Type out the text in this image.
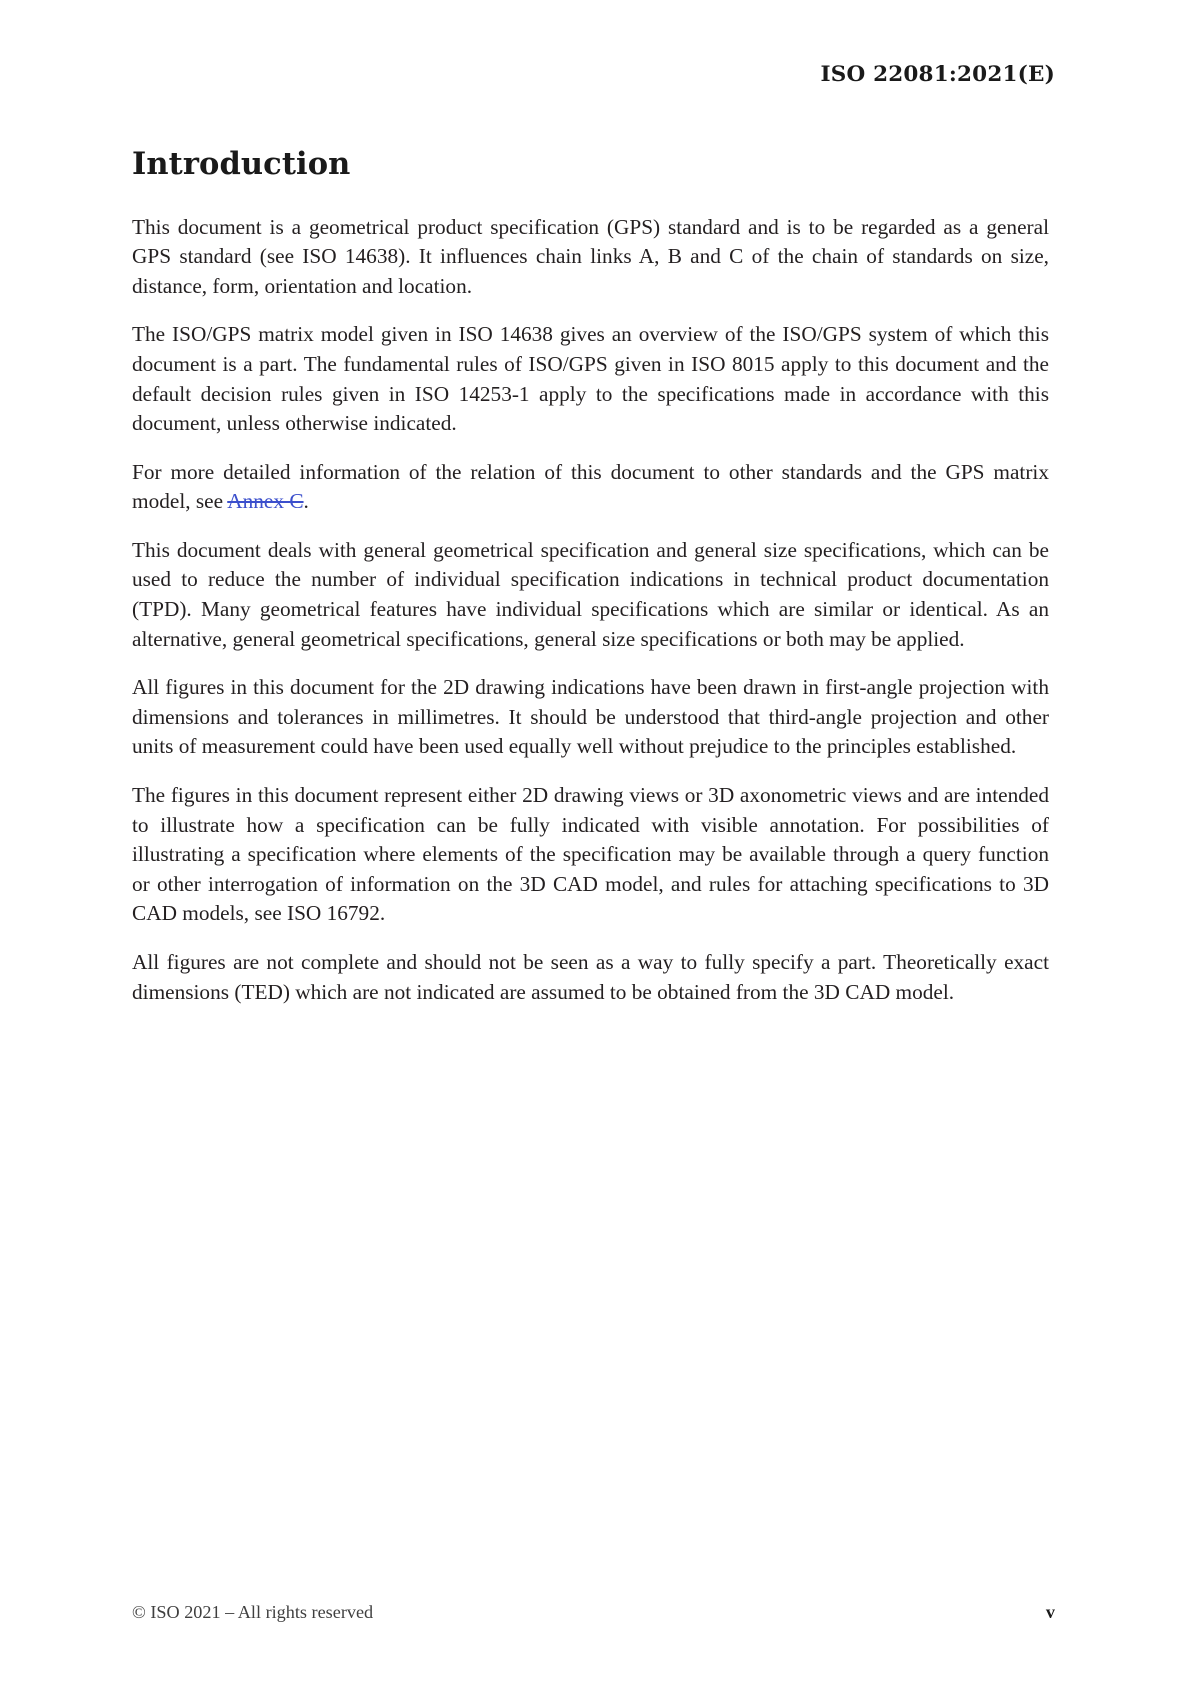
ISO 22081:2021(E)
Introduction

This document is a geometrical product specification (GPS) standard and is to be regarded as a general GPS standard (see ISO 14638). It influences chain links A, B and C of the chain of standards on size, distance, form, orientation and location.

The ISO/GPS matrix model given in ISO 14638 gives an overview of the ISO/GPS system of which this document is a part. The fundamental rules of ISO/GPS given in ISO 8015 apply to this document and the default decision rules given in ISO 14253-1 apply to the specifications made in accordance with this document, unless otherwise indicated.

For more detailed information of the relation of this document to other standards and the GPS matrix model, see Annex C.

This document deals with general geometrical specification and general size specifications, which can be used to reduce the number of individual specification indications in technical product documentation (TPD). Many geometrical features have individual specifications which are similar or identical. As an alternative, general geometrical specifications, general size specifications or both may be applied.

All figures in this document for the 2D drawing indications have been drawn in first-angle projection with dimensions and tolerances in millimetres. It should be understood that third-angle projection and other units of measurement could have been used equally well without prejudice to the principles established.

The figures in this document represent either 2D drawing views or 3D axonometric views and are intended to illustrate how a specification can be fully indicated with visible annotation. For possibilities of illustrating a specification where elements of the specification may be available through a query function or other interrogation of information on the 3D CAD model, and rules for attaching specifications to 3D CAD models, see ISO 16792.

All figures are not complete and should not be seen as a way to fully specify a part. Theoretically exact dimensions (TED) which are not indicated are assumed to be obtained from the 3D CAD model.

© ISO 2021 – All rights reserved	v
